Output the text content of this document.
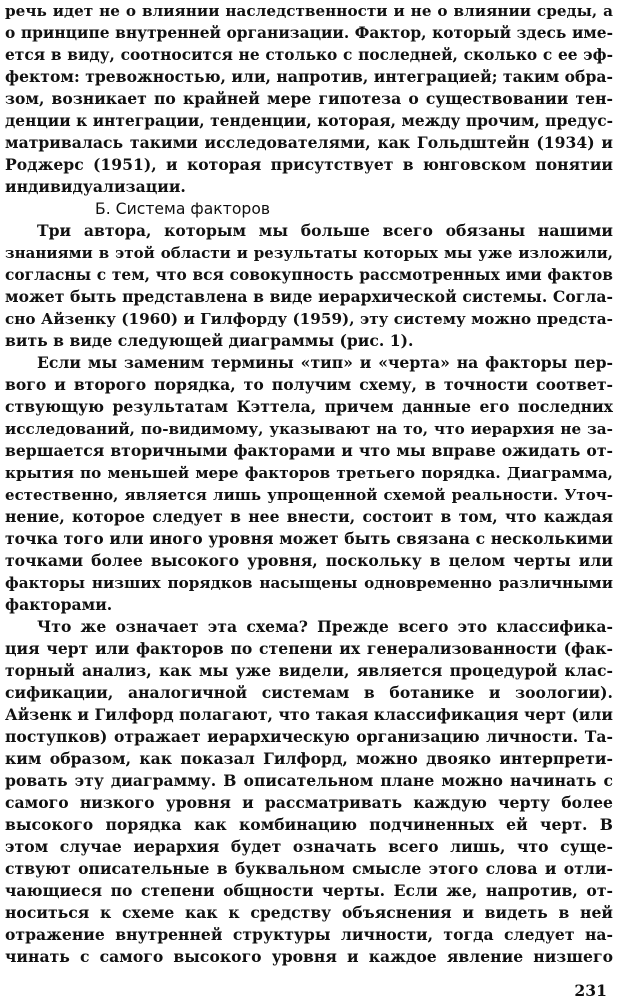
речь идет не о влиянии наследственности и не о влиянии среды, а
о принципе внутренней организации. Фактор, который здесь име-
ется в виду, соотносится не столько с последней, сколько с ее эф-
фектом: тревожностью, или, напротив, интеграцией; таким обра-
зом, возникает по крайней мере гипотеза о существовании тен-
денции к интеграции, тенденции, которая, между прочим, предус-
матривалась такими исследователями, как Гольдштейн (1934) и
Роджерс (1951), и которая присутствует в юнговском понятии
индивидуализации.
Б. Система факторов
Три автора, которым мы больше всего обязаны нашими
знаниями в этой области и результаты которых мы уже изложили,
согласны с тем, что вся совокупность рассмотренных ими фактов
может быть представлена в виде иерархической системы. Согла-
сно Айзенку (1960) и Гилфорду (1959), эту систему можно предста-
вить в виде следующей диаграммы (рис. 1).
Если мы заменим термины «тип» и «черта» на факторы пер-
вого и второго порядка, то получим схему, в точности соответ-
ствующую результатам Кэттела, причем данные его последних
исследований, по-видимому, указывают на то, что иерархия не за-
вершается вторичными факторами и что мы вправе ожидать от-
крытия по меньшей мере факторов третьего порядка. Диаграмма,
естественно, является лишь упрощенной схемой реальности. Уточ-
нение, которое следует в нее внести, состоит в том, что каждая
точка того или иного уровня может быть связана с несколькими
точками более высокого уровня, поскольку в целом черты или
факторы низших порядков насыщены одновременно различными
факторами.
Что же означает эта схема? Прежде всего это классифика-
ция черт или факторов по степени их генерализованности (фак-
торный анализ, как мы уже видели, является процедурой клас-
сификации, аналогичной системам в ботанике и зоологии).
Айзенк и Гилфорд полагают, что такая классификация черт (или
поступков) отражает иерархическую организацию личности. Та-
ким образом, как показал Гилфорд, можно двояко интерпрети-
ровать эту диаграмму. В описательном плане можно начинать с
самого низкого уровня и рассматривать каждую черту более
высокого порядка как комбинацию подчиненных ей черт. В
этом случае иерархия будет означать всего лишь, что суще-
ствуют описательные в буквальном смысле этого слова и отли-
чающиеся по степени общности черты. Если же, напротив, от-
носиться к схеме как к средству объяснения и видеть в ней
отражение внутренней структуры личности, тогда следует на-
чинать с самого высокого уровня и каждое явление низшего
231
